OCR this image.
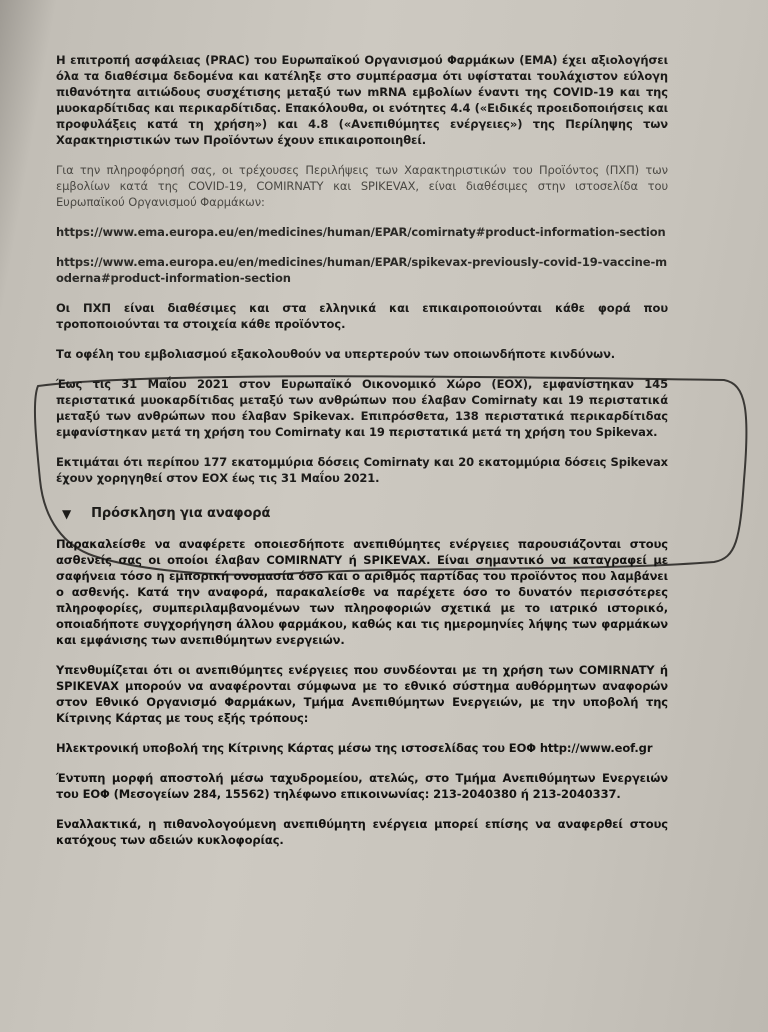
Η επιτροπή ασφάλειας (PRAC) του Ευρωπαϊκού Οργανισμού Φαρμάκων (EMA) έχει αξιολογήσει όλα τα διαθέσιμα δεδομένα και κατέληξε στο συμπέρασμα ότι υφίσταται τουλάχιστον εύλογη πιθανότητα αιτιώδους συσχέτισης μεταξύ των mRNA εμβολίων έναντι της COVID-19 και της μυοκαρδίτιδας και περικαρδίτιδας. Επακόλουθα, οι ενότητες 4.4 («Ειδικές προειδοποιήσεις και προφυλάξεις κατά τη χρήση») και 4.8 («Ανεπιθύμητες ενέργειες») της Περίληψης των Χαρακτηριστικών των Προϊόντων έχουν επικαιροποιηθεί.

Για την πληροφόρησή σας, οι τρέχουσες Περιλήψεις των Χαρακτηριστικών του Προϊόντος (ΠΧΠ) των εμβολίων κατά της COVID-19, COMIRNATY και SPIKEVAX, είναι διαθέσιμες στην ιστοσελίδα του Ευρωπαϊκού Οργανισμού Φαρμάκων:

https://www.ema.europa.eu/en/medicines/human/EPAR/comirnaty#product-information-section

https://www.ema.europa.eu/en/medicines/human/EPAR/spikevax-previously-covid-19-vaccine-moderna#product-information-section

Οι ΠΧΠ είναι διαθέσιμες και στα ελληνικά και επικαιροποιούνται κάθε φορά που τροποποιούνται τα στοιχεία κάθε προϊόντος.

Τα οφέλη του εμβολιασμού εξακολουθούν να υπερτερούν των οποιωνδήποτε κινδύνων.

Έως τις 31 Μαΐου 2021 στον Ευρωπαϊκό Οικονομικό Χώρο (ΕΟΧ), εμφανίστηκαν 145 περιστατικά μυοκαρδίτιδας μεταξύ των ανθρώπων που έλαβαν Comirnaty και 19 περιστατικά μεταξύ των ανθρώπων που έλαβαν Spikevax. Επιπρόσθετα, 138 περιστατικά περικαρδίτιδας εμφανίστηκαν μετά τη χρήση του Comirnaty και 19 περιστατικά μετά τη χρήση του Spikevax.

Εκτιμάται ότι περίπου 177 εκατομμύρια δόσεις Comirnaty και 20 εκατομμύρια δόσεις Spikevax έχουν χορηγηθεί στον ΕΟΧ έως τις 31 Μαΐου 2021.

▼ Πρόσκληση για αναφορά

Παρακαλείσθε να αναφέρετε οποιεσδήποτε ανεπιθύμητες ενέργειες παρουσιάζονται στους ασθενείς σας οι οποίοι έλαβαν COMIRNATY ή SPIKEVAX. Είναι σημαντικό να καταγραφεί με σαφήνεια τόσο η εμπορική ονομασία όσο και ο αριθμός παρτίδας του προϊόντος που λαμβάνει ο ασθενής. Κατά την αναφορά, παρακαλείσθε να παρέχετε όσο το δυνατόν περισσότερες πληροφορίες, συμπεριλαμβανομένων των πληροφοριών σχετικά με το ιατρικό ιστορικό, οποιαδήποτε συγχορήγηση άλλου φαρμάκου, καθώς και τις ημερομηνίες λήψης των φαρμάκων και εμφάνισης των ανεπιθύμητων ενεργειών.

Υπενθυμίζεται ότι οι ανεπιθύμητες ενέργειες που συνδέονται με τη χρήση των COMIRNATY ή SPIKEVAX μπορούν να αναφέρονται σύμφωνα με το εθνικό σύστημα αυθόρμητων αναφορών στον Εθνικό Οργανισμό Φαρμάκων, Τμήμα Ανεπιθύμητων Ενεργειών, με την υποβολή της Κίτρινης Κάρτας με τους εξής τρόπους:

Ηλεκτρονική υποβολή της Κίτρινης Κάρτας μέσω της ιστοσελίδας του ΕΟΦ http://www.eof.gr

Έντυπη μορφή αποστολή μέσω ταχυδρομείου, ατελώς, στο Τμήμα Ανεπιθύμητων Ενεργειών του ΕΟΦ (Μεσογείων 284, 15562) τηλέφωνο επικοινωνίας: 213-2040380 ή 213-2040337.

Εναλλακτικά, η πιθανολογούμενη ανεπιθύμητη ενέργεια μπορεί επίσης να αναφερθεί στους κατόχους των αδειών κυκλοφορίας.
